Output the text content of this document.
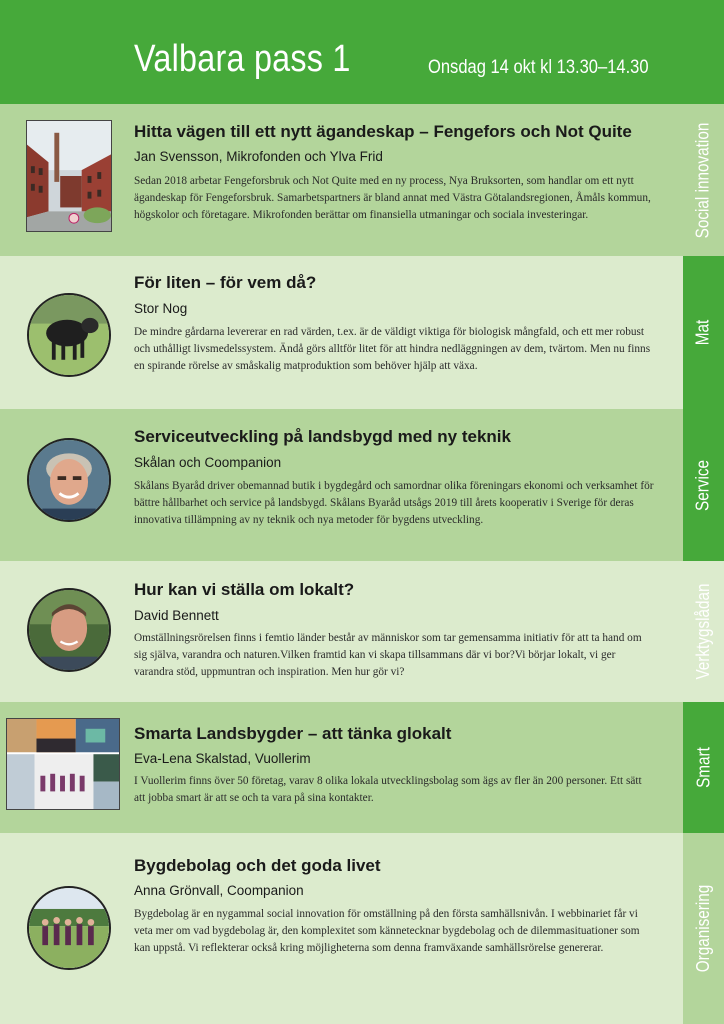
Valbara pass 1	Onsdag 14 okt kl 13.30–14.30
Social innovation
Hitta vägen till ett nytt ägandeskap – Fengefors och Not Quite
Jan Svensson, Mikrofonden och Ylva Frid
Sedan 2018 arbetar Fengeforsbruk och Not Quite med en ny process, Nya Bruksorten, som handlar om ett nytt ägandeskap för Fengeforsbruk. Samarbetspartners är bland annat med Västra Götalandsregionen, Åmåls kommun, högskolor och företagare. Mikrofonden berättar om finansiella utmaningar och sociala investeringar.
Mat
För liten – för vem då?
Stor Nog
De mindre gårdarna levererar en rad värden, t.ex. är de väldigt viktiga för biologisk mångfald, och ett mer robust och uthålligt livsmedelssystem. Ändå görs alltför litet för att hindra nedläggningen av dem, tvärtom. Men nu finns en spirande rörelse av småskalig matproduktion som behöver hjälp att växa.
Service
Serviceutveckling på landsbygd med ny teknik
Skålan och Coompanion
Skålans Byaråd driver obemannad butik i bygdegård och samordnar olika föreningars ekonomi och verksamhet för bättre hållbarhet och service på landsbygd. Skålans Byaråd utsågs 2019 till årets kooperativ i Sverige för deras innovativa tillämpning av ny teknik och nya metoder för bygdens utveckling.
Verktygslådan
Hur kan vi ställa om lokalt?
David Bennett
Omställningsrörelsen finns i femtio länder består av människor som tar gemensamma initiativ för att ta hand om sig själva, varandra och naturen.Vilken framtid kan vi skapa tillsammans där vi bor?Vi börjar lokalt, vi ger varandra stöd, uppmuntran och inspiration. Men hur gör vi?
Smart
Smarta Landsbygder – att tänka glokalt
Eva-Lena Skalstad, Vuollerim
I Vuollerim finns över 50 företag, varav 8 olika lokala utvecklingsbolag som ägs av fler än 200 personer. Ett sätt att jobba smart är att se och ta vara på sina kontakter.
Organisering
Bygdebolag och det goda livet
Anna Grönvall, Coompanion
Bygdebolag är en nygammal social innovation för omställning på den första samhällsnivån. I webbinariet får vi veta mer om vad bygdebolag är, den komplexitet som kännetecknar bygdebolag och de dilemmasituationer som kan uppstå. Vi reflekterar också kring möjligheterna som denna framväxande samhällsrörelse genererar.
